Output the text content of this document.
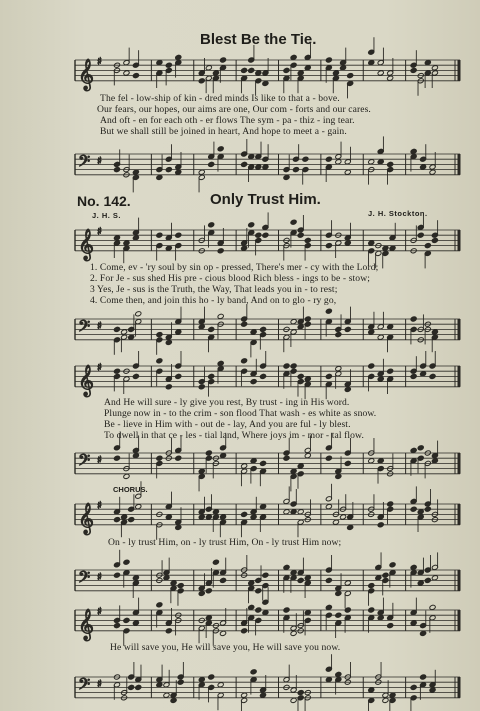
Blest Be the Tie.
𝄞 ♯
The fel - low-ship of kin - dred minds Is like to that a - bove.
Our fears, our hopes, our aims are one, Our com - forts and our cares.
And oft - en for each oth - er flows The sym - pa - thiz - ing tear.
But we shall still be joined in heart, And hope to meet a - gain.
𝄢 ♯
No. 142.	Only Trust Him.
J. H. S.	J. H. Stockton.
𝄞 ♯
1. Come, ev - 'ry soul by sin op - pressed, There's mer - cy with the Lord;
2. For Je - sus shed His pre - cious blood Rich bless - ings to be - stow;
3 Yes, Je - sus is the Truth, the Way, That leads you in - to rest;
4. Come then, and join this ho - ly band, And on to glo - ry go,
𝄢 ♯
𝄞 ♯
And He will sure - ly give you rest, By trust - ing in His word.
Plunge now in - to the crim - son flood That wash - es white as snow.
Be - lieve in Him with - out de - lay, And you are ful - ly blest.
To dwell in that ce - les - tial land, Where joys im - mor - tal flow.
𝄢 ♯
CHORUS.
𝄞 ♯
On - ly trust Him, on - ly trust Him, On - ly trust Him now;
𝄢 ♯
𝄞 ♯
He will save you, He will save you, He will save you now.
𝄢 ♯
